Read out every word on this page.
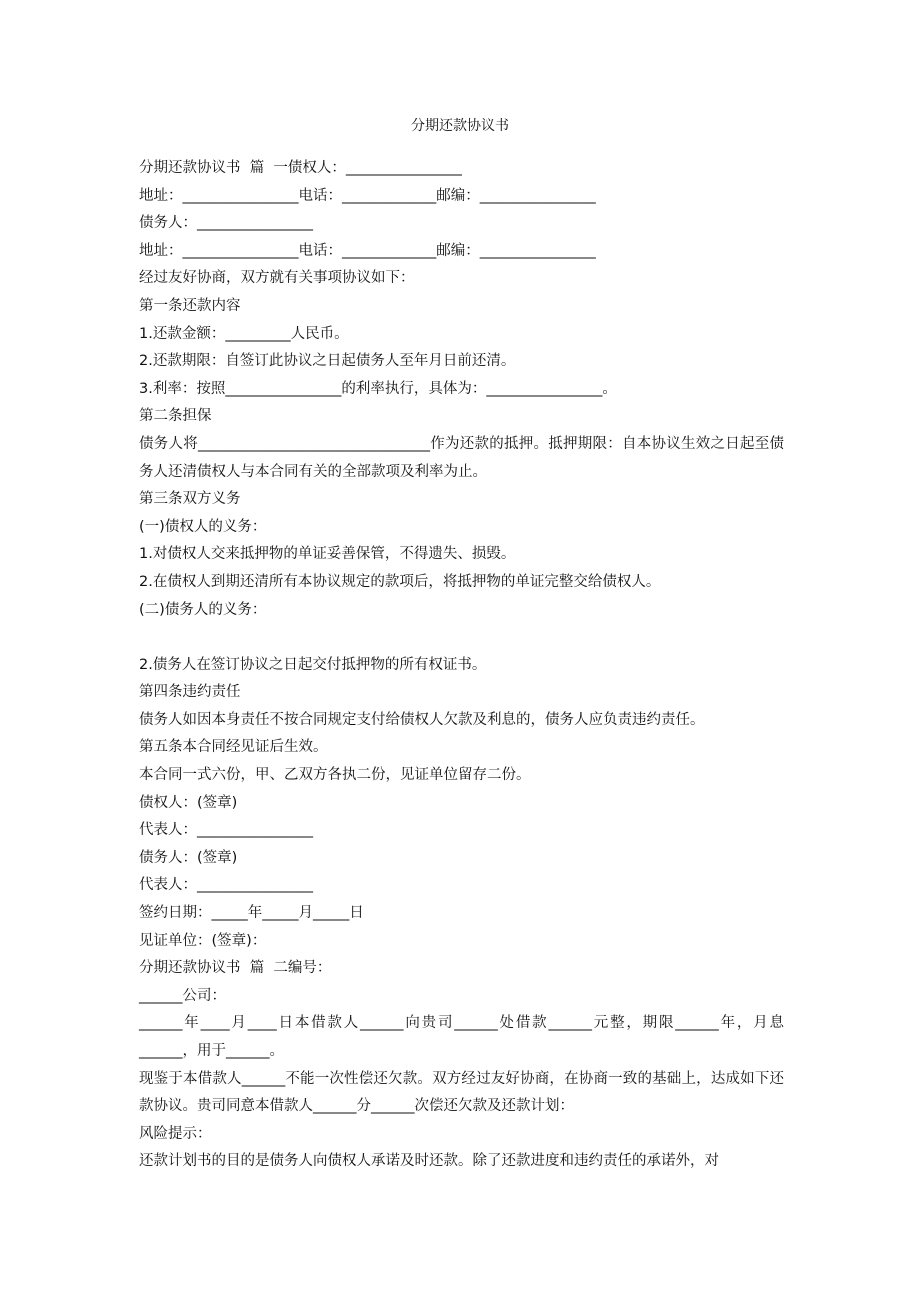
分期还款协议书

分期还款协议书  篇  一债权人：________________

地址：________________电话：_____________邮编：________________

债务人：________________

地址：________________电话：_____________邮编：________________

经过友好协商，双方就有关事项协议如下：

第一条还款内容

1.还款金额：_________人民币。

2.还款期限：自签订此协议之日起债务人至年月日前还清。

3.利率：按照________________的利率执行，具体为：________________。

第二条担保

债务人将________________________________作为还款的抵押。抵押期限：自本协议生效之日起至债务人还清债权人与本合同有关的全部款项及利率为止。

第三条双方义务

(一)债权人的义务：

1.对债权人交来抵押物的单证妥善保管，不得遗失、损毁。

2.在债权人到期还清所有本协议规定的款项后，将抵押物的单证完整交给债权人。

(二)债务人的义务：

2.债务人在签订协议之日起交付抵押物的所有权证书。

第四条违约责任

债务人如因本身责任不按合同规定支付给债权人欠款及利息的，债务人应负责违约责任。

第五条本合同经见证后生效。

本合同一式六份，甲、乙双方各执二份，见证单位留存二份。

债权人：(签章)

代表人：________________

债务人：(签章)

代表人：________________

签约日期：_____年_____月_____日

见证单位：(签章)：

分期还款协议书  篇  二编号：

______公司：

______年____月____日本借款人______向贵司______处借款______元整，期限______年，月息______，用于______。

现鉴于本借款人______不能一次性偿还欠款。双方经过友好协商，在协商一致的基础上，达成如下还款协议。贵司同意本借款人______分______次偿还欠款及还款计划：

风险提示：

还款计划书的目的是债务人向债权人承诺及时还款。除了还款进度和违约责任的承诺外，对
